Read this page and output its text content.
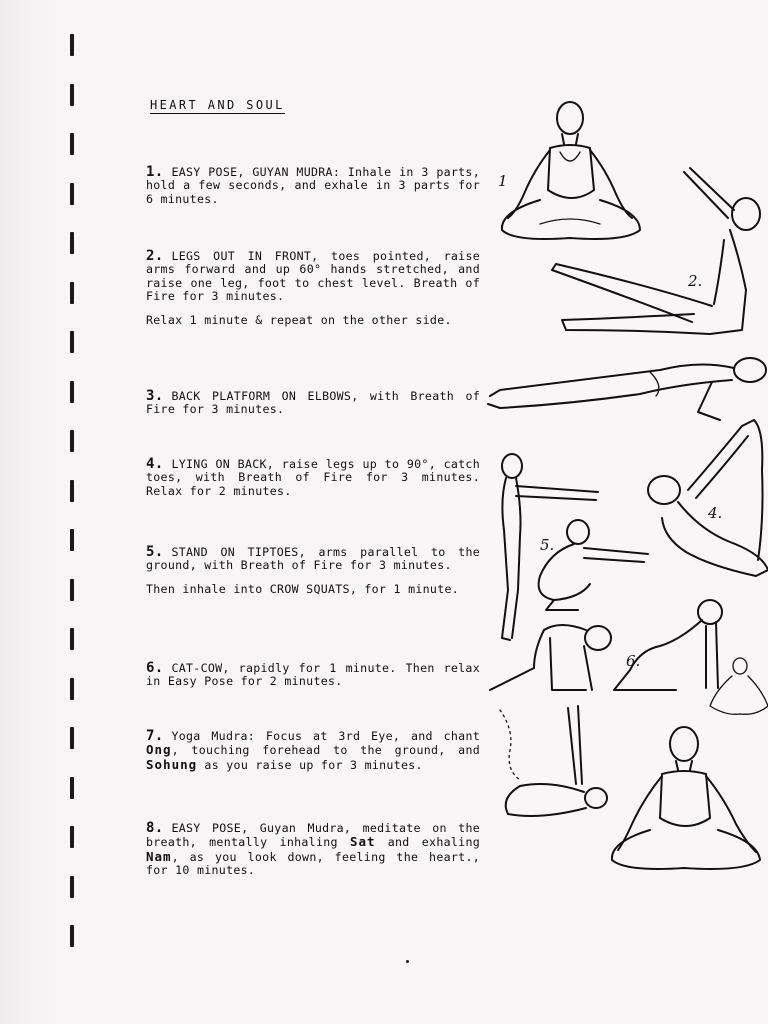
HEART AND SOUL

1. EASY POSE, GUYAN MUDRA: Inhale in 3 parts, hold a few seconds, and exhale in 3 parts for 6 minutes.

2. LEGS OUT IN FRONT, toes pointed, raise arms forward and up 60° hands stretched, and raise one leg, foot to chest level. Breath of Fire for 3 minutes.

Relax 1 minute & repeat on the other side.

3. BACK PLATFORM ON ELBOWS, with Breath of Fire for 3 minutes.

4. LYING ON BACK, raise legs up to 90°, catch toes, with Breath of Fire for 3 minutes. Relax for 2 minutes.

5. STAND ON TIPTOES, arms parallel to the ground, with Breath of Fire for 3 minutes.

Then inhale into CROW SQUATS, for 1 minute.

6. CAT-COW, rapidly for 1 minute. Then relax in Easy Pose for 2 minutes.

7. Yoga Mudra: Focus at 3rd Eye, and chant Ong, touching forehead to the ground, and Sohung as you raise up for 3 minutes.

8. EASY POSE, Guyan Mudra, meditate on the breath, mentally inhaling Sat and exhaling Nam, as you look down, feeling the heart., for 10 minutes.

1
2.
4.
5.
6.
